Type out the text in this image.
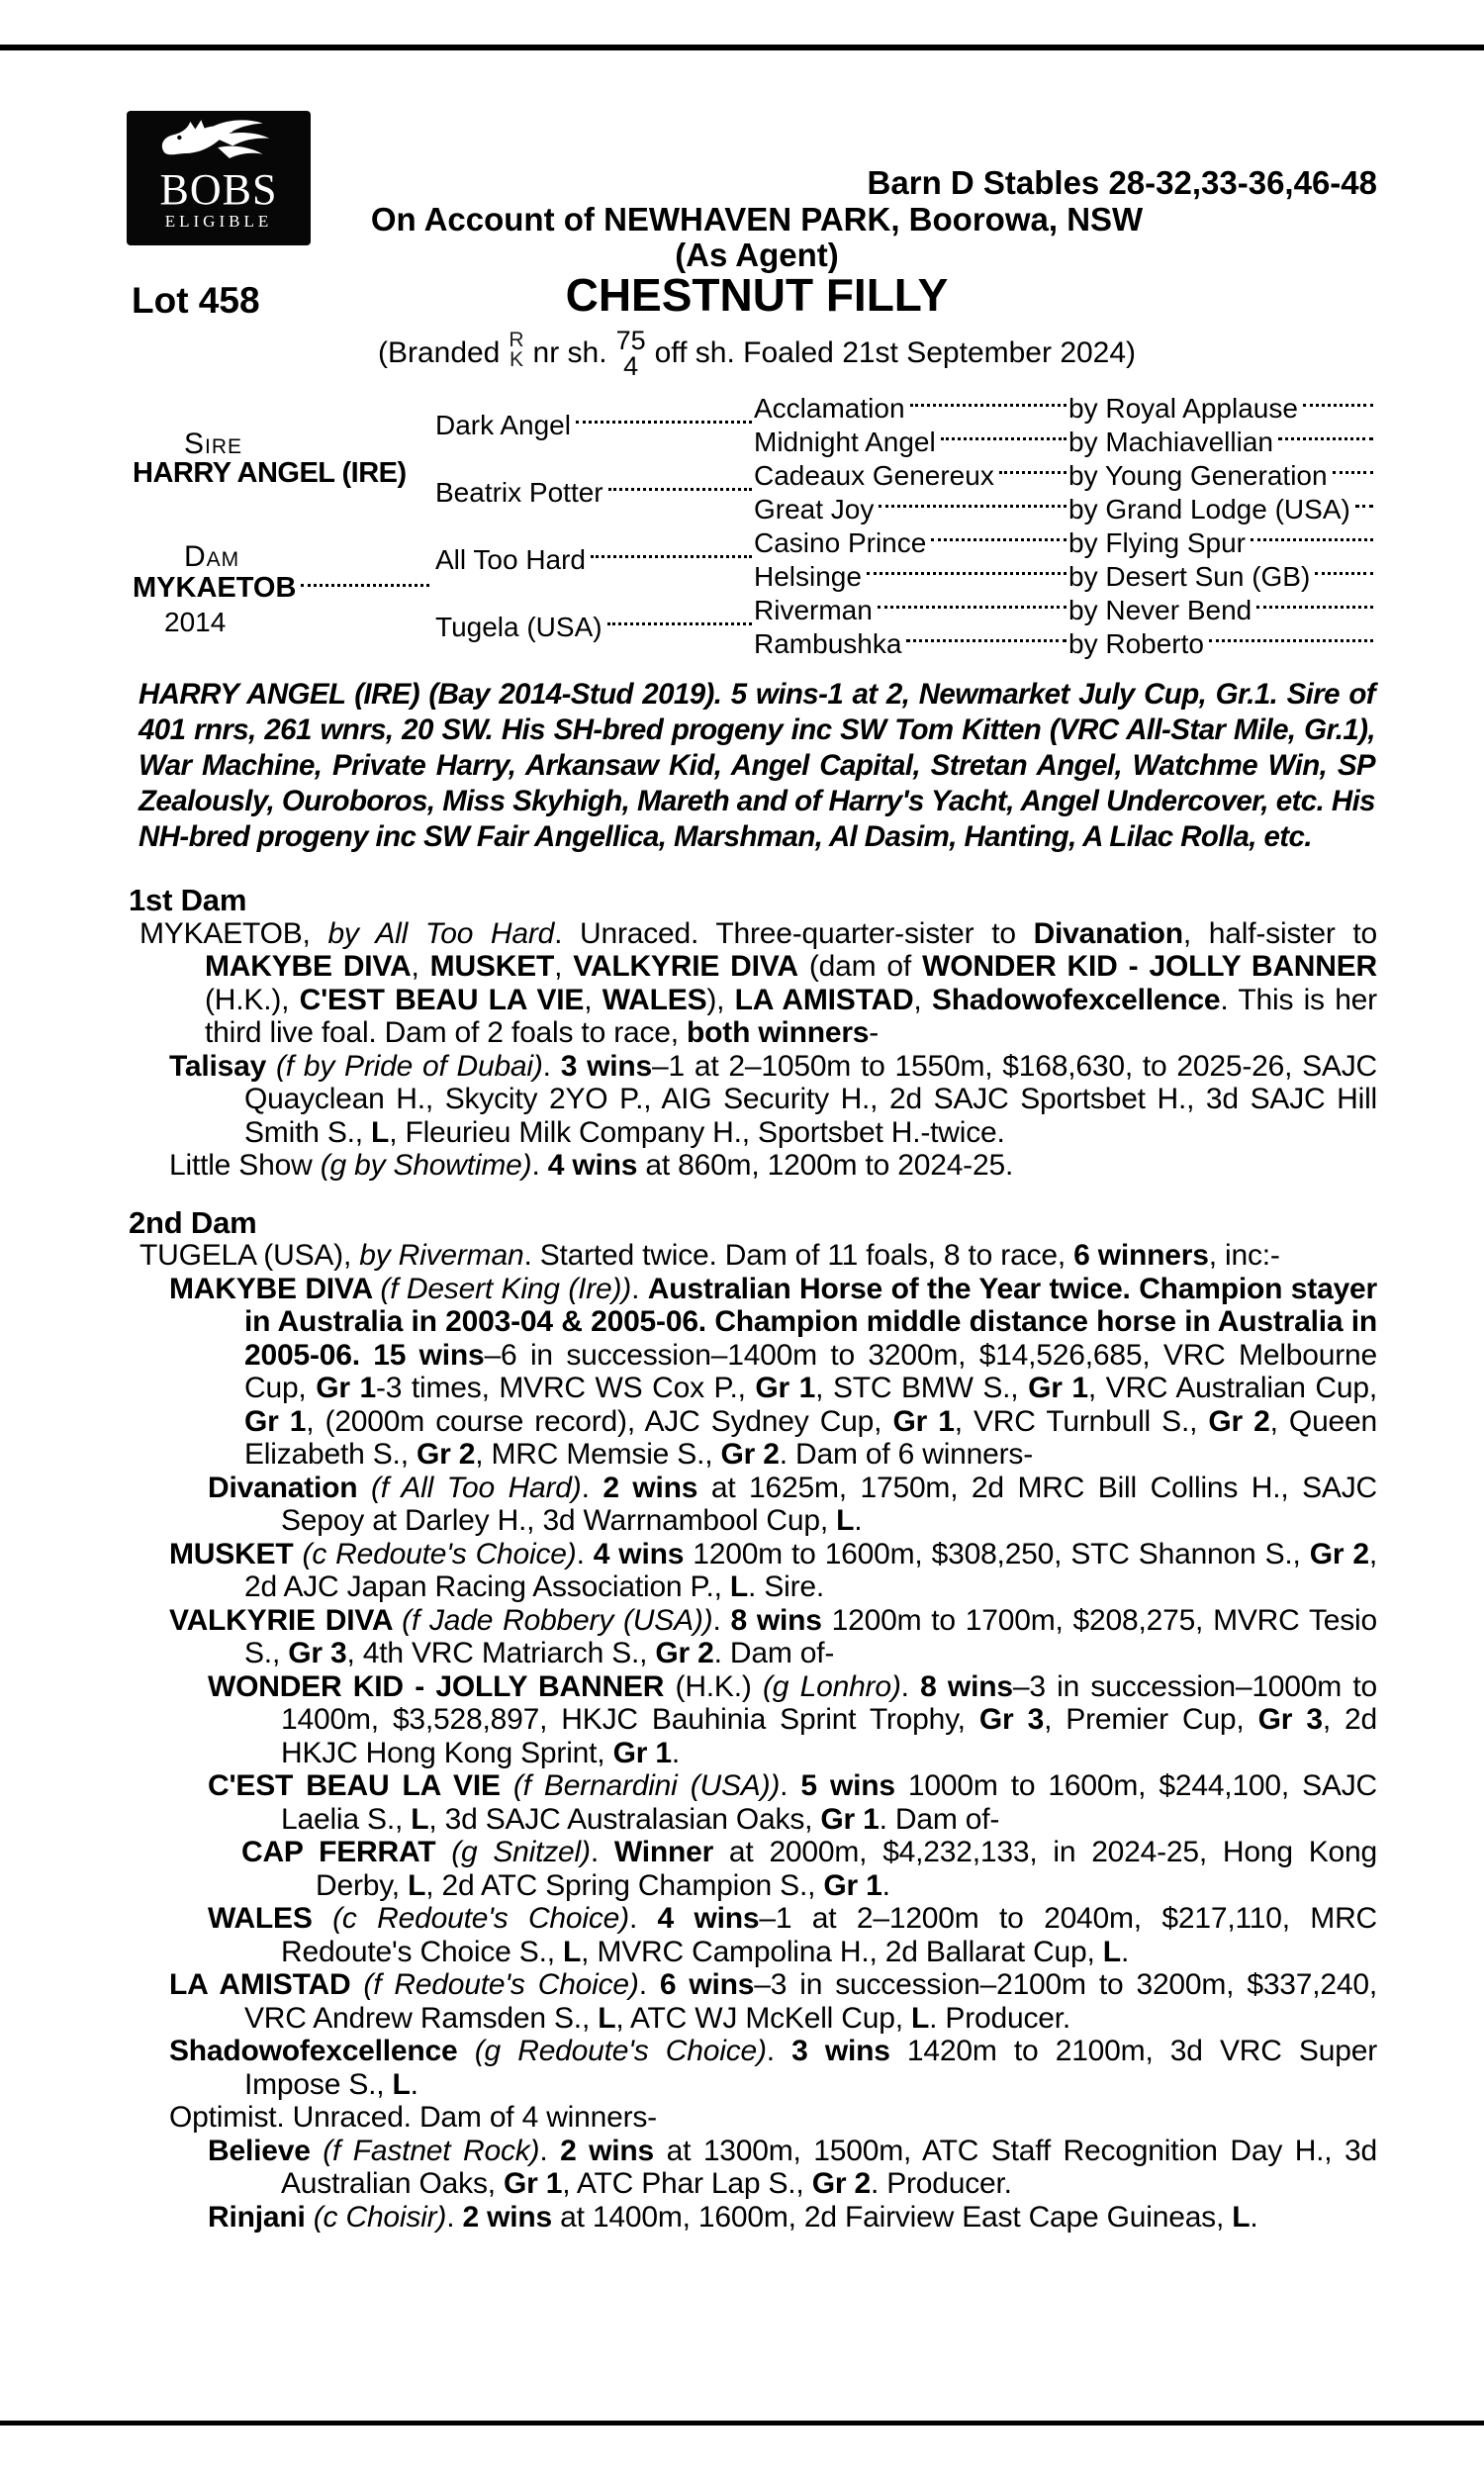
BOBS
ELIGIBLE
Barn D Stables 28-32,33-36,46-48
On Account of NEWHAVEN PARK, Boorowa, NSW
(As Agent)
Lot 458	CHESTNUT FILLY
(Branded R
K nr sh. 75
4 off sh. Foaled 21st September 2024)
Sire
HARRY ANGEL (IRE)
Dam
MYKAETOB
2014
Dark Angel
Beatrix Potter
All Too Hard
Tugela (USA)
Acclamation
Midnight Angel
Cadeaux Genereux
Great Joy
Casino Prince
Helsinge
Riverman
Rambushka
by Royal Applause
by Machiavellian
by Young Generation
by Grand Lodge (USA)
by Flying Spur
by Desert Sun (GB)
by Never Bend
by Roberto
HARRY ANGEL (IRE) (Bay 2014-Stud 2019). 5 wins-1 at 2, Newmarket July Cup, Gr.1. Sire of 401 rnrs, 261 wnrs, 20 SW. His SH-bred progeny inc SW Tom Kitten (VRC All-Star Mile, Gr.1), War Machine, Private Harry, Arkansaw Kid, Angel Capital, Stretan Angel, Watchme Win, SP Zealously, Ouroboros, Miss Skyhigh, Mareth and of Harry's Yacht, Angel Undercover, etc. His NH-bred progeny inc SW Fair Angellica, Marshman, Al Dasim, Hanting, A Lilac Rolla, etc.
1st Dam
MYKAETOB, by All Too Hard. Unraced. Three-quarter-sister to Divanation, half-sister to MAKYBE DIVA, MUSKET, VALKYRIE DIVA (dam of WONDER KID - JOLLY BANNER (H.K.), C'EST BEAU LA VIE, WALES), LA AMISTAD, Shadowofexcellence. This is her third live foal. Dam of 2 foals to race, both winners-
Talisay (f by Pride of Dubai). 3 wins–1 at 2–1050m to 1550m, $168,630, to 2025-26, SAJC Quayclean H., Skycity 2YO P., AIG Security H., 2d SAJC Sportsbet H., 3d SAJC Hill Smith S., L, Fleurieu Milk Company H., Sportsbet H.-twice.
Little Show (g by Showtime). 4 wins at 860m, 1200m to 2024-25.
2nd Dam
TUGELA (USA), by Riverman. Started twice. Dam of 11 foals, 8 to race, 6 winners, inc:-
MAKYBE DIVA (f Desert King (Ire)). Australian Horse of the Year twice. Champion stayer in Australia in 2003-04 & 2005-06. Champion middle distance horse in Australia in 2005-06. 15 wins–6 in succession–1400m to 3200m, $14,526,685, VRC Melbourne Cup, Gr 1-3 times, MVRC WS Cox P., Gr 1, STC BMW S., Gr 1, VRC Australian Cup, Gr 1, (2000m course record), AJC Sydney Cup, Gr 1, VRC Turnbull S., Gr 2, Queen Elizabeth S., Gr 2, MRC Memsie S., Gr 2. Dam of 6 winners-
Divanation (f All Too Hard). 2 wins at 1625m, 1750m, 2d MRC Bill Collins H., SAJC Sepoy at Darley H., 3d Warrnambool Cup, L.
MUSKET (c Redoute's Choice). 4 wins 1200m to 1600m, $308,250, STC Shannon S., Gr 2, 2d AJC Japan Racing Association P., L. Sire.
VALKYRIE DIVA (f Jade Robbery (USA)). 8 wins 1200m to 1700m, $208,275, MVRC Tesio S., Gr 3, 4th VRC Matriarch S., Gr 2. Dam of-
WONDER KID - JOLLY BANNER (H.K.) (g Lonhro). 8 wins–3 in succession–1000m to 1400m, $3,528,897, HKJC Bauhinia Sprint Trophy, Gr 3, Premier Cup, Gr 3, 2d HKJC Hong Kong Sprint, Gr 1.
C'EST BEAU LA VIE (f Bernardini (USA)). 5 wins 1000m to 1600m, $244,100, SAJC Laelia S., L, 3d SAJC Australasian Oaks, Gr 1. Dam of-
CAP FERRAT (g Snitzel). Winner at 2000m, $4,232,133, in 2024-25, Hong Kong Derby, L, 2d ATC Spring Champion S., Gr 1.
WALES (c Redoute's Choice). 4 wins–1 at 2–1200m to 2040m, $217,110, MRC Redoute's Choice S., L, MVRC Campolina H., 2d Ballarat Cup, L.
LA AMISTAD (f Redoute's Choice). 6 wins–3 in succession–2100m to 3200m, $337,240, VRC Andrew Ramsden S., L, ATC WJ McKell Cup, L. Producer.
Shadowofexcellence (g Redoute's Choice). 3 wins 1420m to 2100m, 3d VRC Super Impose S., L.
Optimist. Unraced. Dam of 4 winners-
Believe (f Fastnet Rock). 2 wins at 1300m, 1500m, ATC Staff Recognition Day H., 3d Australian Oaks, Gr 1, ATC Phar Lap S., Gr 2. Producer.
Rinjani (c Choisir). 2 wins at 1400m, 1600m, 2d Fairview East Cape Guineas, L.
